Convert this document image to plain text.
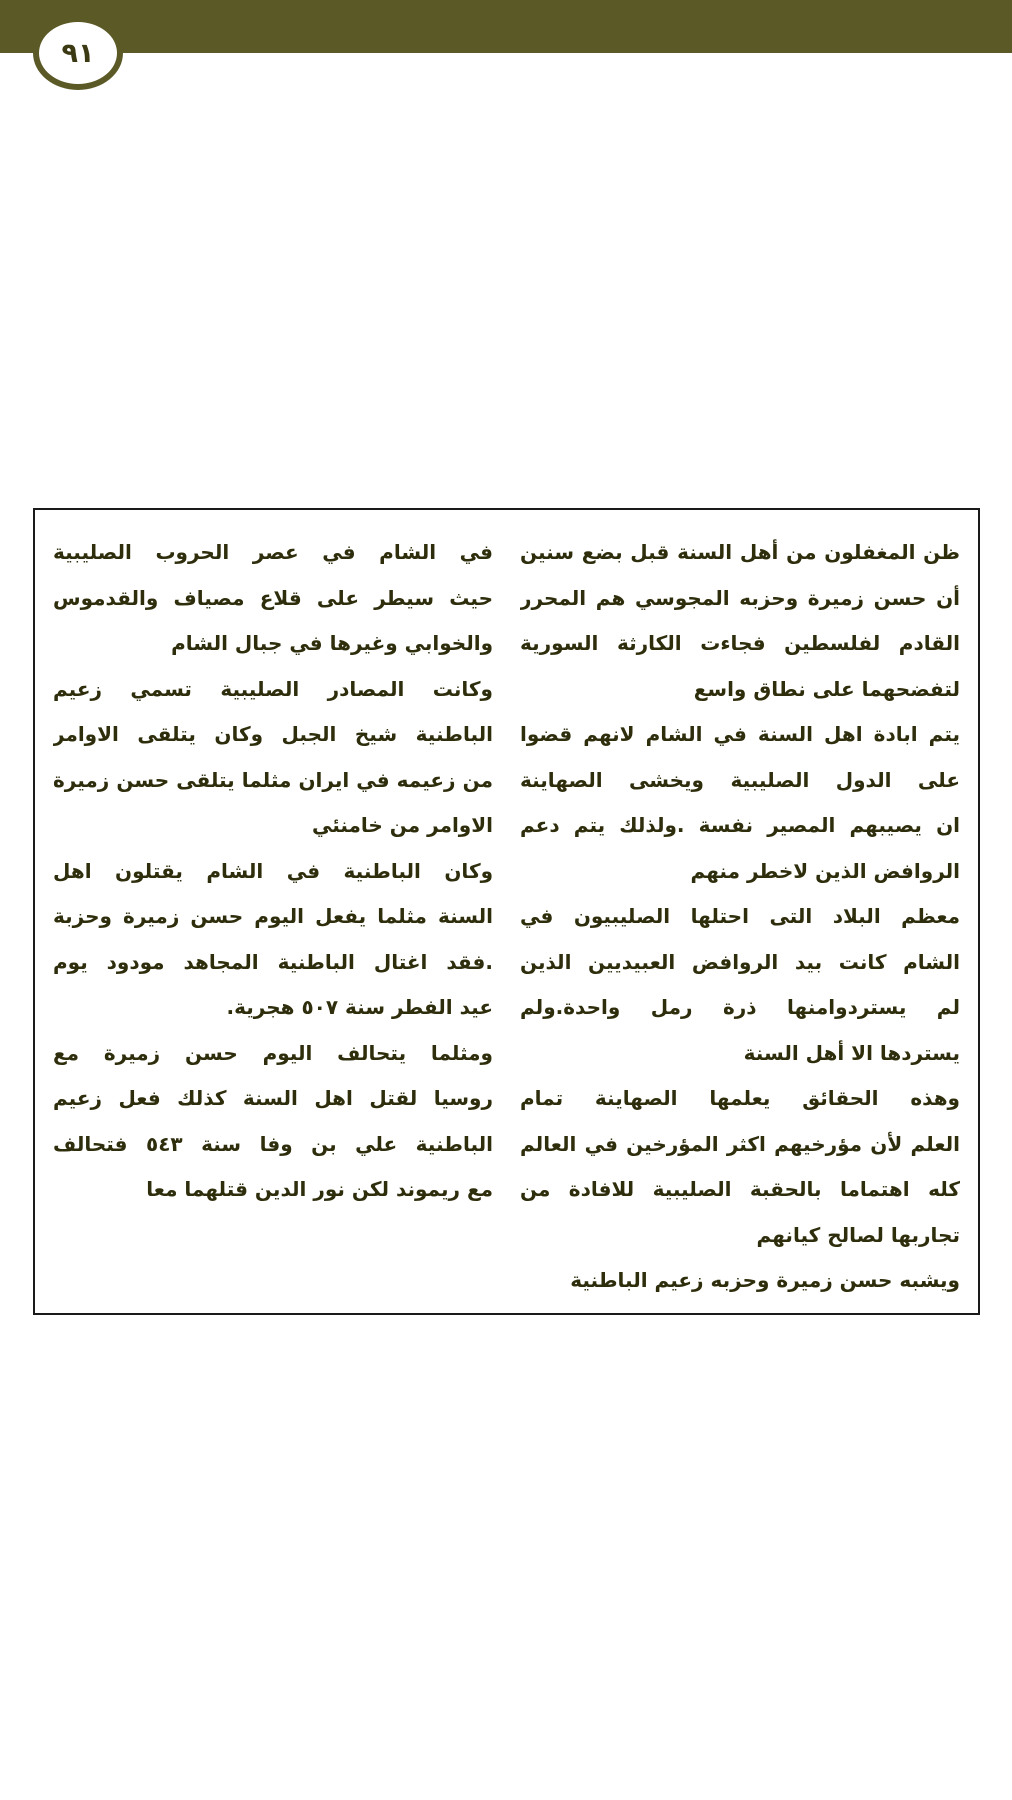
٩١
ظن المغفلون من أهل السنة قبل بضع سنين
أن حسن زميرة وحزبه المجوسي هم المحرر
القادم لفلسطين فجاءت الكارثة السورية
لتفضحهما على نطاق واسع
يتم ابادة اهل السنة في الشام لانهم قضوا
على الدول الصليبية ويخشى الصهاينة
ان يصيبهم المصير نفسة .ولذلك يتم دعم
الروافض الذين لاخطر منهم
معظم البلاد التى احتلها الصليبيون في
الشام كانت بيد الروافض العبيديين الذين
لم يستردوامنها ذرة رمل واحدة.ولم
يستردها الا أهل السنة
وهذه الحقائق يعلمها الصهاينة تمام
العلم لأن مؤرخيهم اكثر المؤرخين في العالم
كله اهتماما بالحقبة الصليبية للافادة من
تجاربها لصالح كيانهم
ويشبه حسن زميرة وحزبه زعيم الباطنية
في الشام في عصر الحروب الصليبية
حيث سيطر على قلاع مصياف والقدموس
والخوابي وغيرها في جبال الشام
وكانت المصادر الصليبية تسمي زعيم
الباطنية شيخ الجبل وكان يتلقى الاوامر
من زعيمه في ايران مثلما يتلقى حسن زميرة
الاوامر من خامنئي
وكان الباطنية في الشام يقتلون اهل
السنة مثلما يفعل اليوم حسن زميرة وحزبة
.فقد اغتال الباطنية المجاهد مودود يوم
عيد الفطر سنة ٥٠٧ هجرية.
ومثلما يتحالف اليوم حسن زميرة مع
روسيا لقتل اهل السنة كذلك فعل زعيم
الباطنية علي بن وفا سنة ٥٤٣ فتحالف
مع ريموند لكن نور الدين قتلهما معا
